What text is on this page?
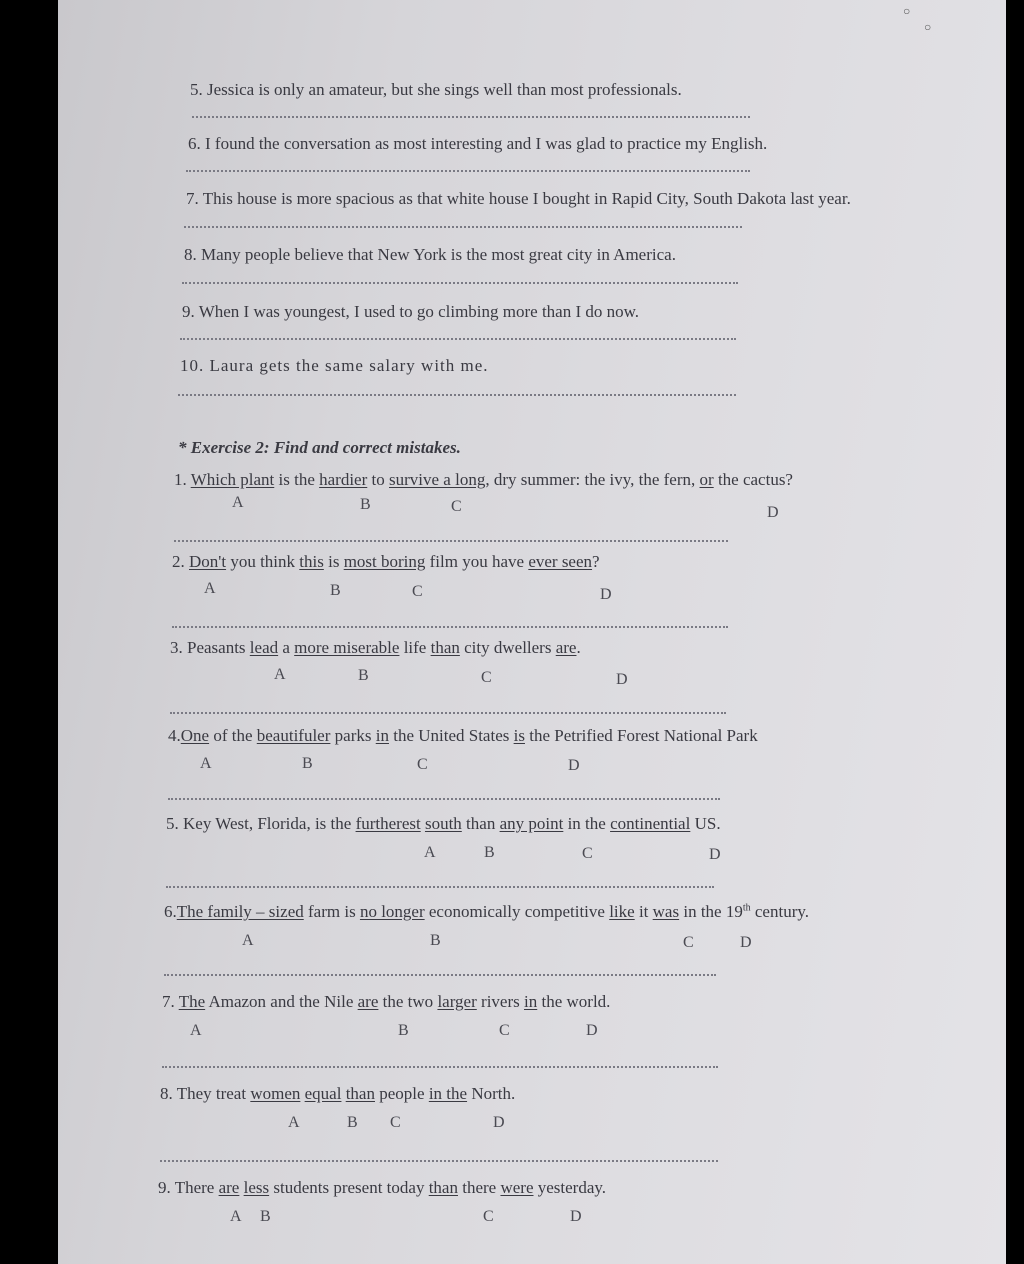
○
○
5. Jessica is only an amateur, but she sings well than most professionals.
6. I found the conversation as most interesting and I was glad to practice my English.
7. This house is more spacious as that white house I bought in Rapid City, South Dakota last year.
8. Many people believe that New York is the most great city in America.
9. When I was youngest, I used to go climbing more than I do now.
10. Laura gets the same salary with me.
* Exercise 2: Find and correct mistakes.
1. Which plant is the hardier to survive a long, dry summer: the ivy, the fern, or the cactus?
A	B	C	D
2. Don't you think this is most boring film you have ever seen?
A	B	C	D
3. Peasants lead a more miserable life than city dwellers are.
A	B	C	D
4.One of the beautifuler parks in the United States is the Petrified Forest National Park
A	B	C	D
5. Key West, Florida, is the furtherest south than any point in the continential US.
A	B	C	D
6.The family – sized farm is no longer economically competitive like it was in the 19th century.
A	B	C	D
7. The Amazon and the Nile are the two larger rivers in the world.
A	B	C	D
8. They treat women equal than people in the North.
A	B C	D
9. There are less students present today than there were yesterday.
A B	C	D
